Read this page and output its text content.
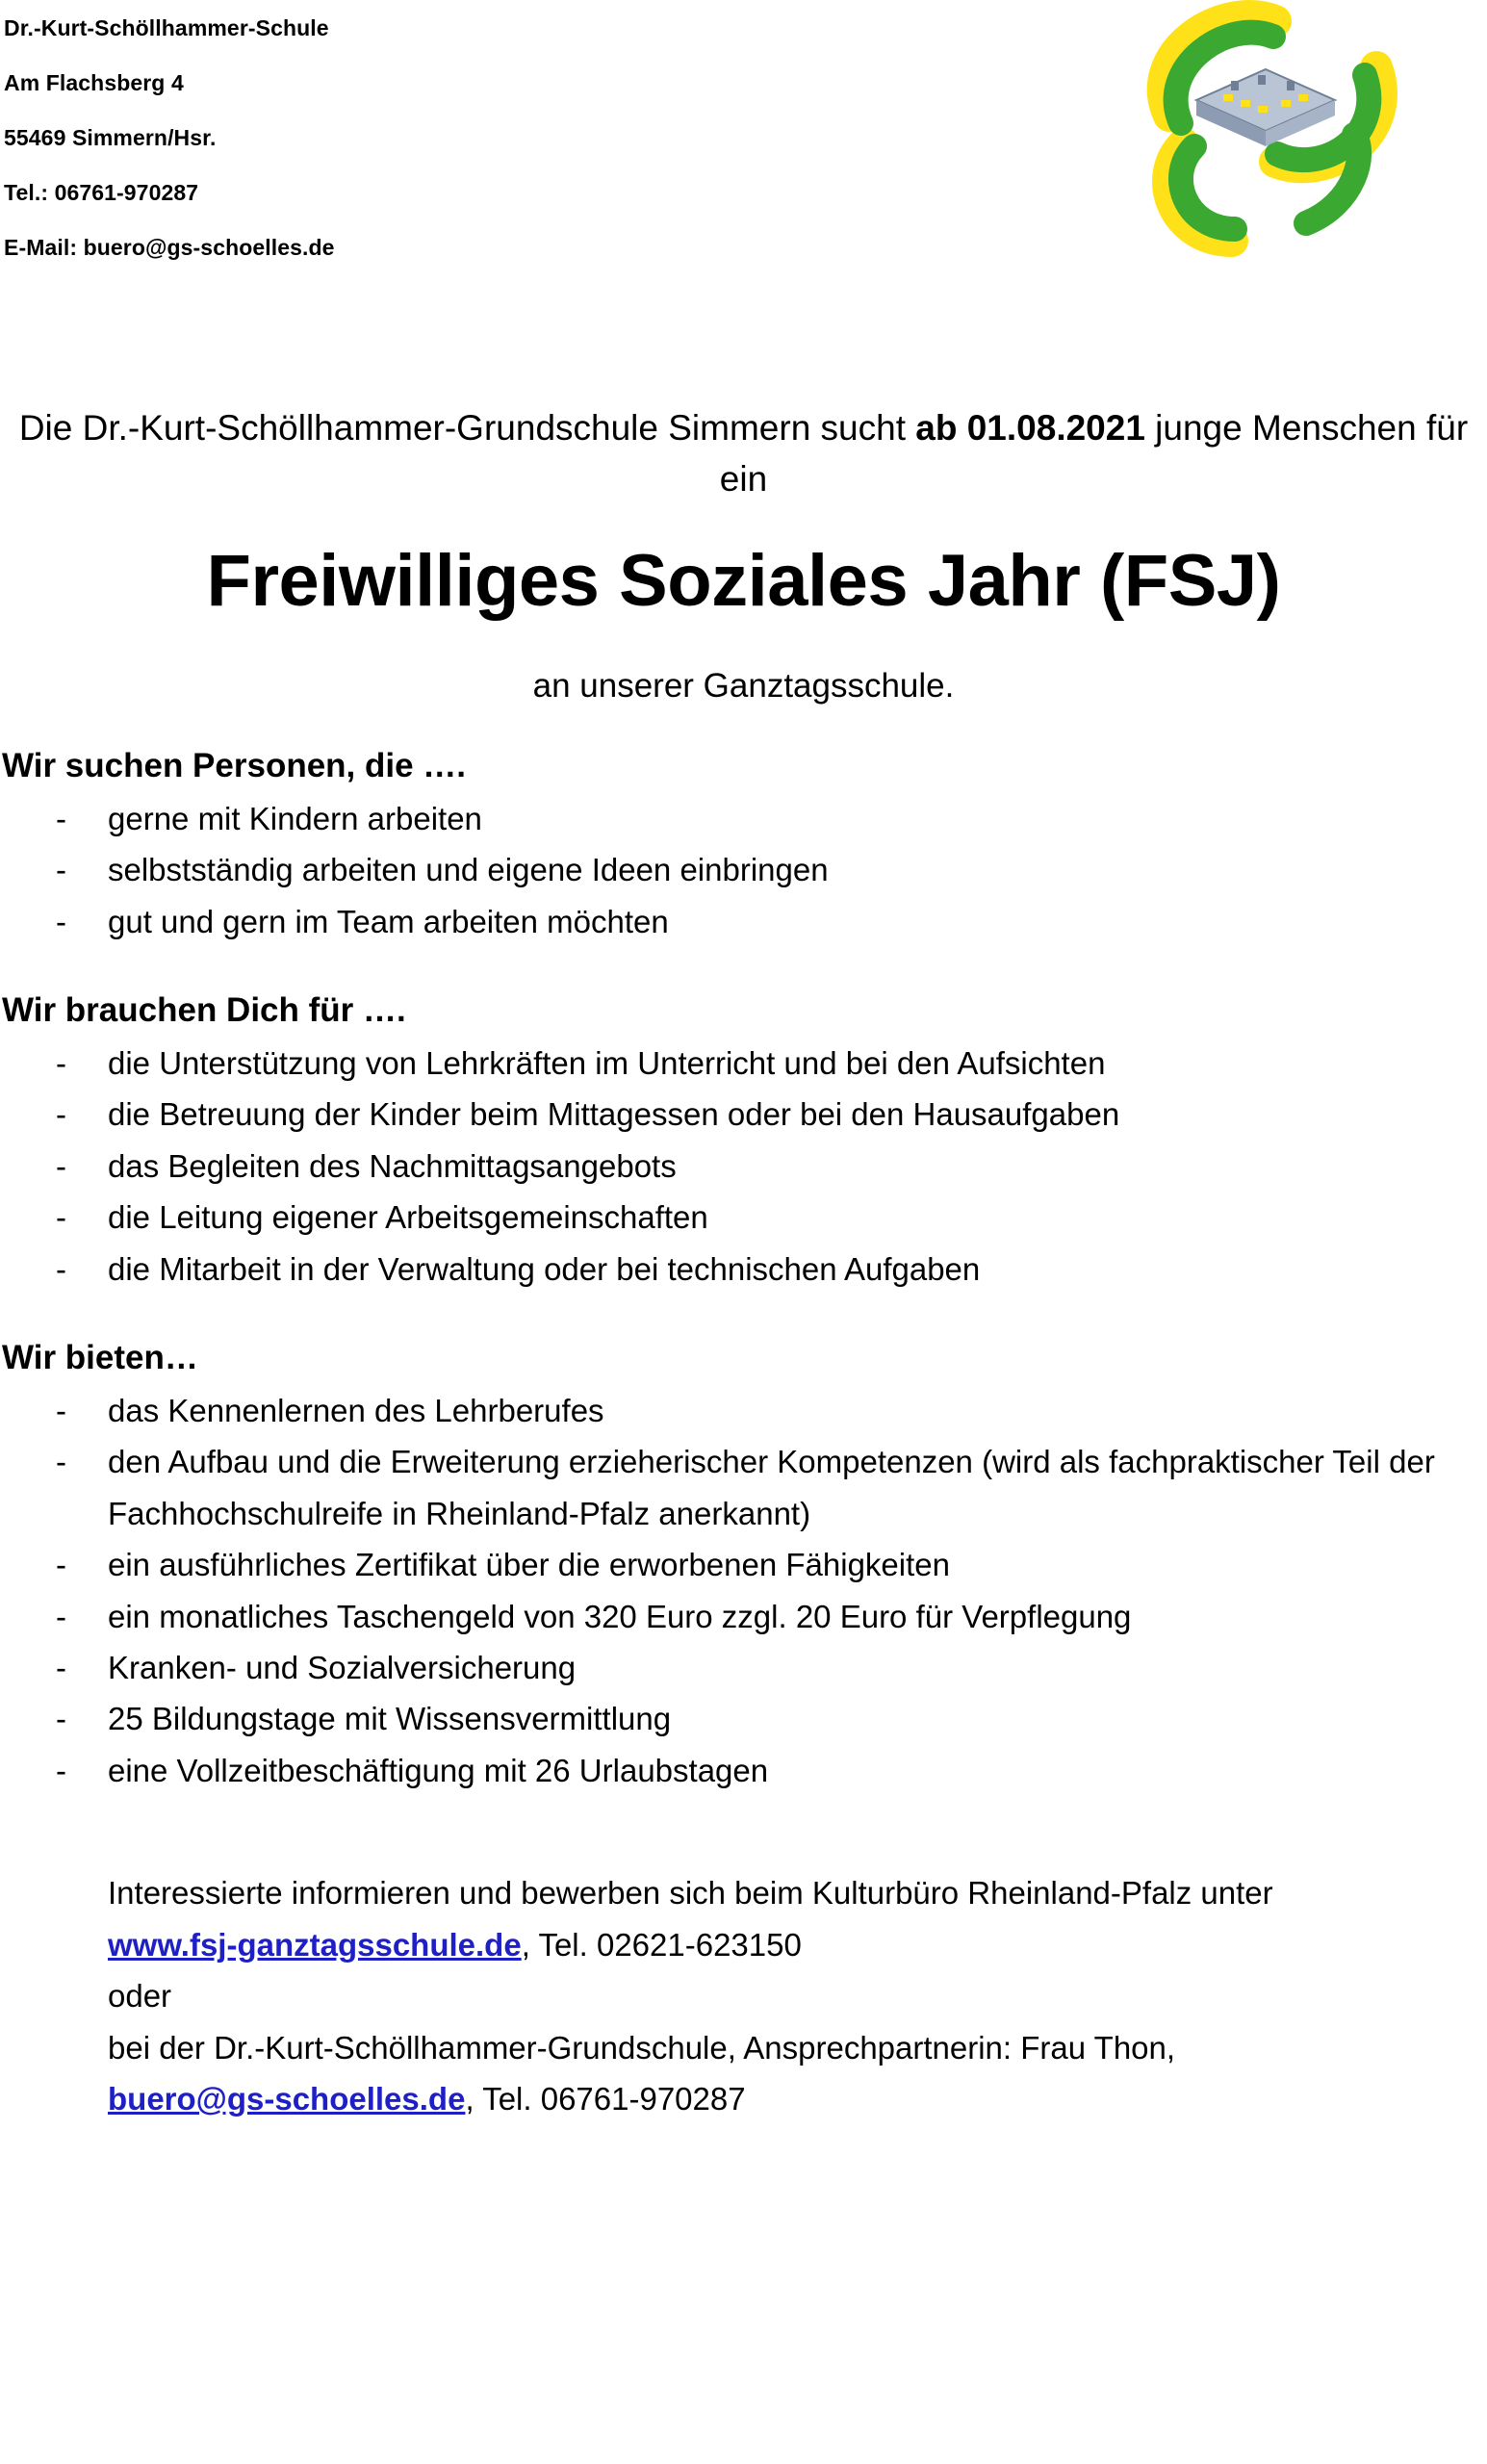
Dr.-Kurt-Schöllhammer-Schule
Am Flachsberg 4
55469 Simmern/Hsr.
Tel.: 06761-970287
E-Mail: buero@gs-schoelles.de

Die Dr.-Kurt-Schöllhammer-Grundschule Simmern sucht ab 01.08.2021 junge Menschen für ein

Freiwilliges Soziales Jahr (FSJ)

an unserer Ganztagsschule.

Wir suchen Personen, die ….
- gerne mit Kindern arbeiten
- selbstständig arbeiten und eigene Ideen einbringen
- gut und gern im Team arbeiten möchten
Wir brauchen Dich für ….
- die Unterstützung von Lehrkräften im Unterricht und bei den Aufsichten
- die Betreuung der Kinder beim Mittagessen oder bei den Hausaufgaben
- das Begleiten des Nachmittagsangebots
- die Leitung eigener Arbeitsgemeinschaften
- die Mitarbeit in der Verwaltung oder bei technischen Aufgaben
Wir bieten…
- das Kennenlernen des Lehrberufes
- den Aufbau und die Erweiterung erzieherischer Kompetenzen (wird als fachpraktischer Teil der Fachhochschulreife in Rheinland-Pfalz anerkannt)
- ein ausführliches Zertifikat über die erworbenen Fähigkeiten
- ein monatliches Taschengeld von 320 Euro zzgl. 20 Euro für Verpflegung
- Kranken- und Sozialversicherung
- 25 Bildungstage mit Wissensvermittlung
- eine Vollzeitbeschäftigung mit 26 Urlaubstagen
Interessierte informieren und bewerben sich beim Kulturbüro Rheinland-Pfalz unter
www.fsj-ganztagsschule.de, Tel. 02621-623150
oder
bei der Dr.-Kurt-Schöllhammer-Grundschule, Ansprechpartnerin: Frau Thon,
buero@gs-schoelles.de, Tel. 06761-970287
